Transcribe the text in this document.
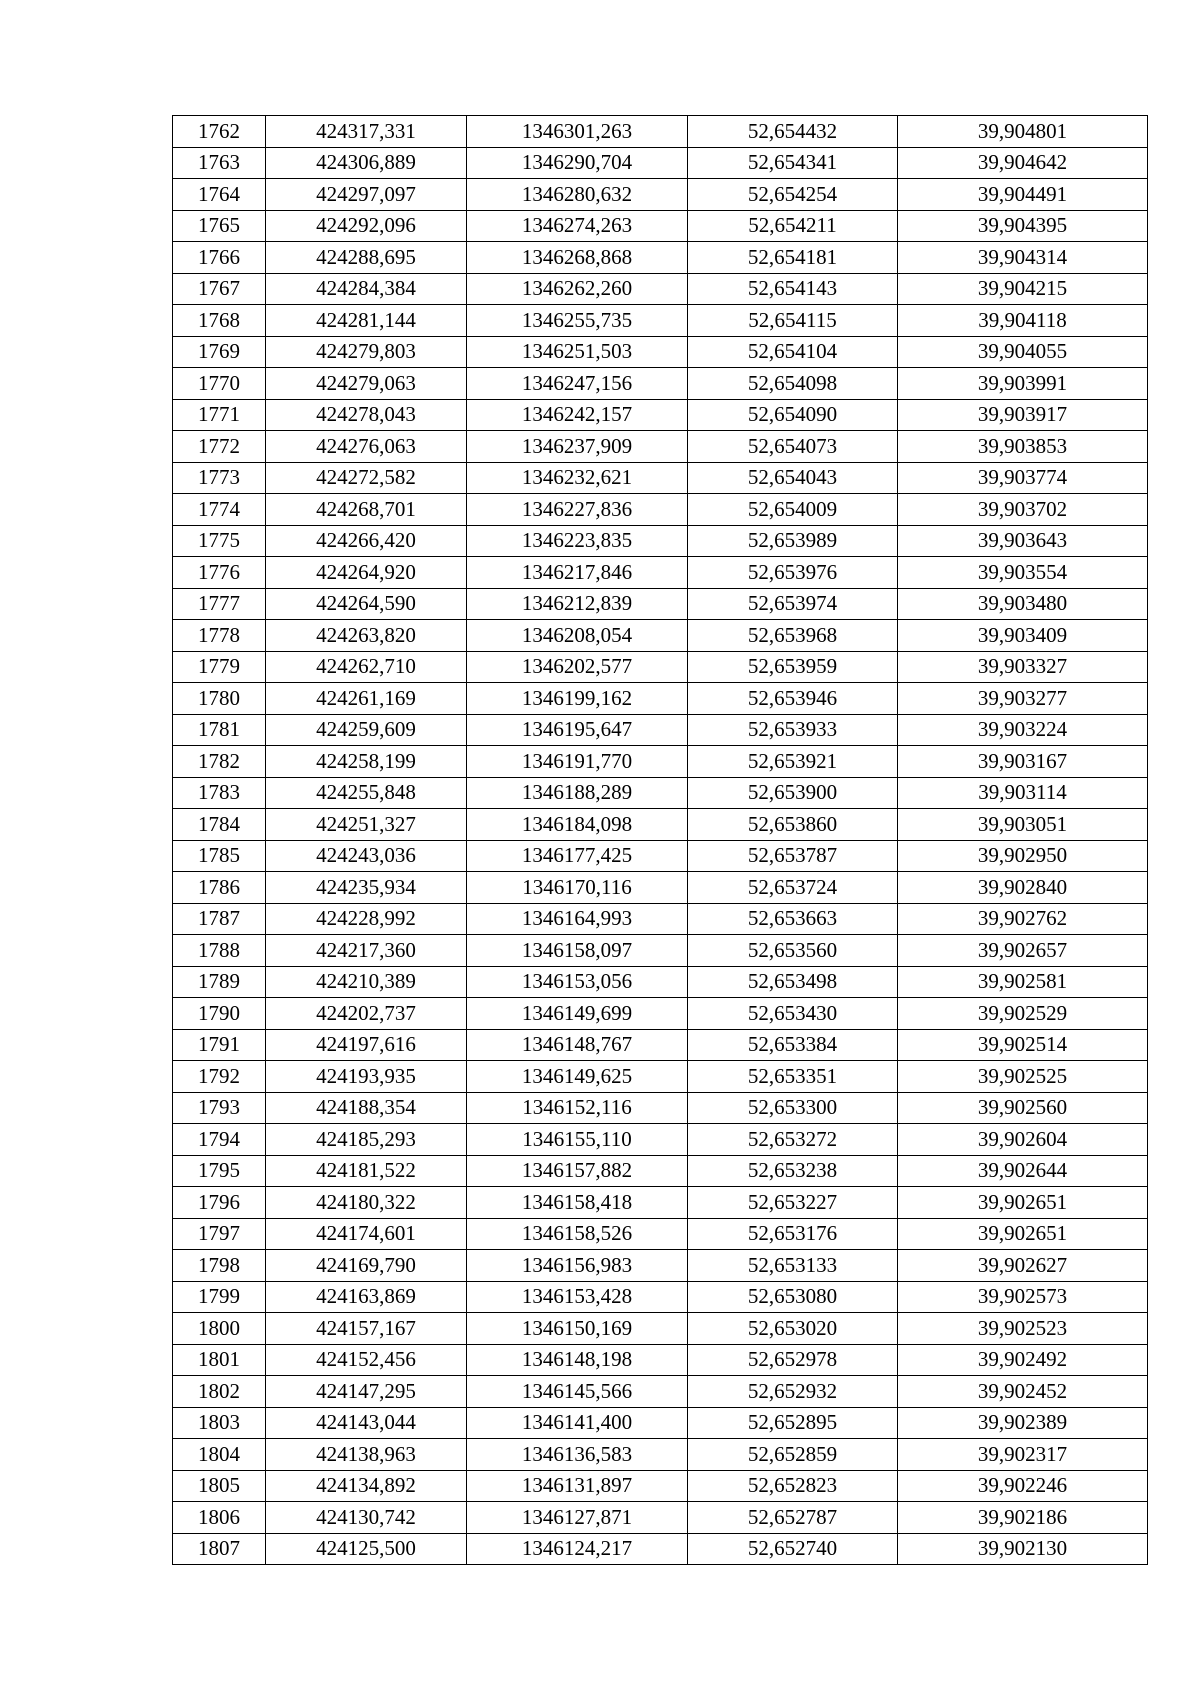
1762	424317,331	1346301,263	52,654432	39,904801
1763	424306,889	1346290,704	52,654341	39,904642
1764	424297,097	1346280,632	52,654254	39,904491
1765	424292,096	1346274,263	52,654211	39,904395
1766	424288,695	1346268,868	52,654181	39,904314
1767	424284,384	1346262,260	52,654143	39,904215
1768	424281,144	1346255,735	52,654115	39,904118
1769	424279,803	1346251,503	52,654104	39,904055
1770	424279,063	1346247,156	52,654098	39,903991
1771	424278,043	1346242,157	52,654090	39,903917
1772	424276,063	1346237,909	52,654073	39,903853
1773	424272,582	1346232,621	52,654043	39,903774
1774	424268,701	1346227,836	52,654009	39,903702
1775	424266,420	1346223,835	52,653989	39,903643
1776	424264,920	1346217,846	52,653976	39,903554
1777	424264,590	1346212,839	52,653974	39,903480
1778	424263,820	1346208,054	52,653968	39,903409
1779	424262,710	1346202,577	52,653959	39,903327
1780	424261,169	1346199,162	52,653946	39,903277
1781	424259,609	1346195,647	52,653933	39,903224
1782	424258,199	1346191,770	52,653921	39,903167
1783	424255,848	1346188,289	52,653900	39,903114
1784	424251,327	1346184,098	52,653860	39,903051
1785	424243,036	1346177,425	52,653787	39,902950
1786	424235,934	1346170,116	52,653724	39,902840
1787	424228,992	1346164,993	52,653663	39,902762
1788	424217,360	1346158,097	52,653560	39,902657
1789	424210,389	1346153,056	52,653498	39,902581
1790	424202,737	1346149,699	52,653430	39,902529
1791	424197,616	1346148,767	52,653384	39,902514
1792	424193,935	1346149,625	52,653351	39,902525
1793	424188,354	1346152,116	52,653300	39,902560
1794	424185,293	1346155,110	52,653272	39,902604
1795	424181,522	1346157,882	52,653238	39,902644
1796	424180,322	1346158,418	52,653227	39,902651
1797	424174,601	1346158,526	52,653176	39,902651
1798	424169,790	1346156,983	52,653133	39,902627
1799	424163,869	1346153,428	52,653080	39,902573
1800	424157,167	1346150,169	52,653020	39,902523
1801	424152,456	1346148,198	52,652978	39,902492
1802	424147,295	1346145,566	52,652932	39,902452
1803	424143,044	1346141,400	52,652895	39,902389
1804	424138,963	1346136,583	52,652859	39,902317
1805	424134,892	1346131,897	52,652823	39,902246
1806	424130,742	1346127,871	52,652787	39,902186
1807	424125,500	1346124,217	52,652740	39,902130
